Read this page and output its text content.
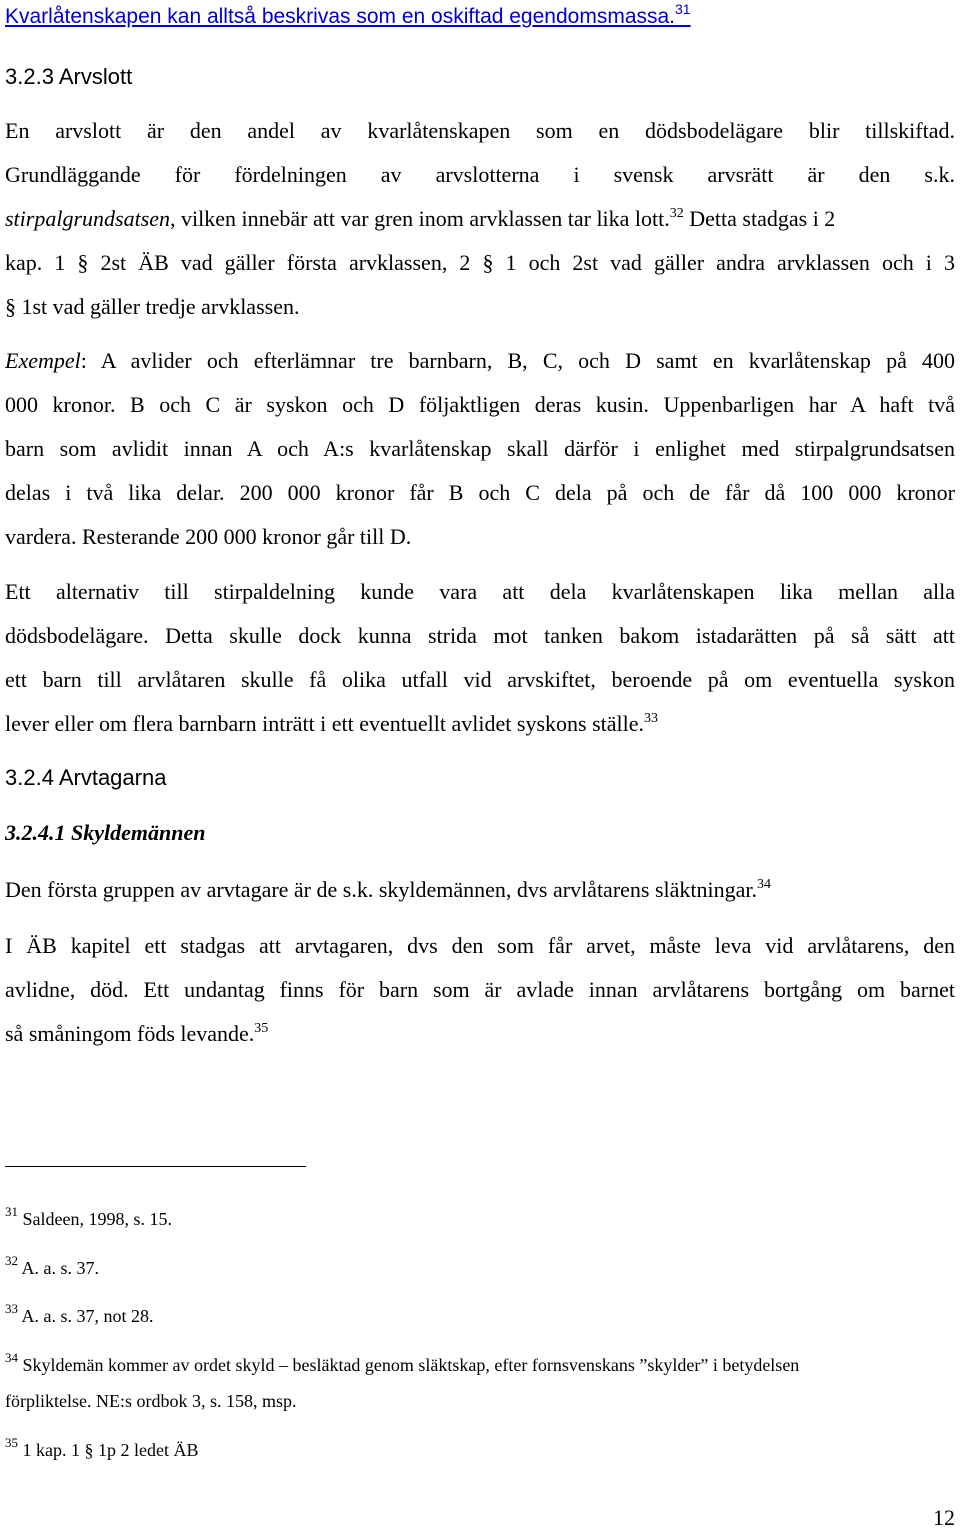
Kvarlåtenskapen kan alltså beskrivas som en oskiftad egendomsmassa.$^{31}$
3.2.3 Arvslott
En arvslott är den andel av kvarlåtenskapen som en dödsbodelägare blir tillskiftad.
Grundläggande för fördelningen av arvslotterna i svensk arvsrätt är den s.k.
stirpalgrundsatsen, vilken innebär att var gren inom arvklassen tar lika lott.$^{32}$ Detta stadgas i 2
kap. 1 § 2st ÄB vad gäller första arvklassen, 2 § 1 och 2st vad gäller andra arvklassen och i 3
§ 1st vad gäller tredje arvklassen.
Exempel: A avlider och efterlämnar tre barnbarn, B, C, och D samt en kvarlåtenskap på 400
000 kronor. B och C är syskon och D följaktligen deras kusin. Uppenbarligen har A haft två
barn som avlidit innan A och A:s kvarlåtenskap skall därför i enlighet med stirpalgrundsatsen
delas i två lika delar. 200 000 kronor får B och C dela på och de får då 100 000 kronor
vardera. Resterande 200 000 kronor går till D.
Ett alternativ till stirpaldelning kunde vara att dela kvarlåtenskapen lika mellan alla
dödsbodelägare. Detta skulle dock kunna strida mot tanken bakom istadarätten på så sätt att
ett barn till arvlåtaren skulle få olika utfall vid arvskiftet, beroende på om eventuella syskon
lever eller om flera barnbarn inträtt i ett eventuellt avlidet syskons ställe.$^{33}$
3.2.4 Arvtagarna
3.2.4.1 Skyldemännen
Den första gruppen av arvtagare är de s.k. skyldemännen, dvs arvlåtarens släktningar.$^{34}$
I ÄB kapitel ett stadgas att arvtagaren, dvs den som får arvet, måste leva vid arvlåtarens, den
avlidne, död. Ett undantag finns för barn som är avlade innan arvlåtarens bortgång om barnet
så småningom föds levande.$^{35}$
$^{31}$ Saldeen, 1998, s. 15.
$^{32}$ A. a. s. 37.
$^{33}$ A. a. s. 37, not 28.
$^{34}$ Skyldemän kommer av ordet skyld – besläktad genom släktskap, efter fornsvenskans ”skylder” i betydelsen
förpliktelse. NE:s ordbok 3, s. 158, msp.
$^{35}$ 1 kap. 1 § 1p 2 ledet ÄB
12
